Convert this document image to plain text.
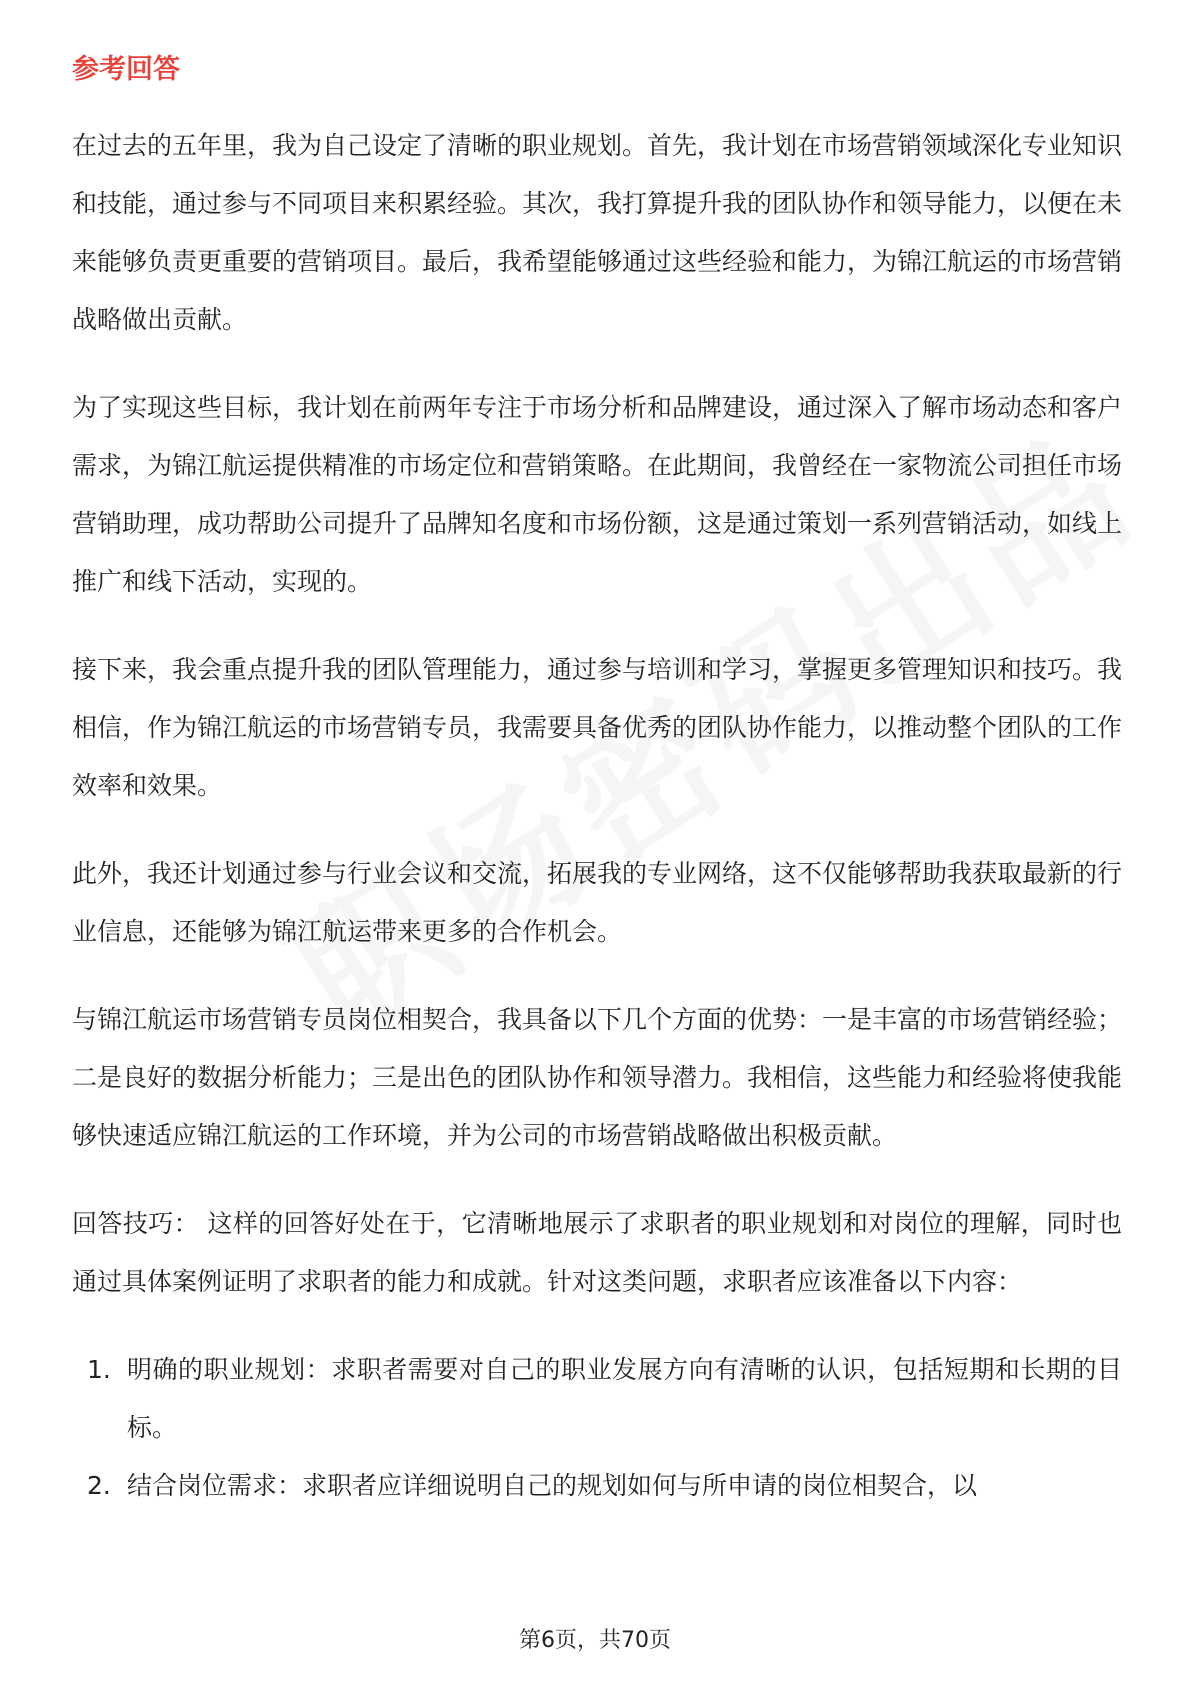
参考回答

在过去的五年里，我为自己设定了清晰的职业规划。首先，我计划在市场营销领域深化专业知识和技能，通过参与不同项目来积累经验。其次，我打算提升我的团队协作和领导能力，以便在未来能够负责更重要的营销项目。最后，我希望能够通过这些经验和能力，为锦江航运的市场营销战略做出贡献。

为了实现这些目标，我计划在前两年专注于市场分析和品牌建设，通过深入了解市场动态和客户需求，为锦江航运提供精准的市场定位和营销策略。在此期间，我曾经在一家物流公司担任市场营销助理，成功帮助公司提升了品牌知名度和市场份额，这是通过策划一系列营销活动，如线上推广和线下活动，实现的。

接下来，我会重点提升我的团队管理能力，通过参与培训和学习，掌握更多管理知识和技巧。我相信，作为锦江航运的市场营销专员，我需要具备优秀的团队协作能力，以推动整个团队的工作效率和效果。

此外，我还计划通过参与行业会议和交流，拓展我的专业网络，这不仅能够帮助我获取最新的行业信息，还能够为锦江航运带来更多的合作机会。

与锦江航运市场营销专员岗位相契合，我具备以下几个方面的优势：一是丰富的市场营销经验；二是良好的数据分析能力；三是出色的团队协作和领导潜力。我相信，这些能力和经验将使我能够快速适应锦江航运的工作环境，并为公司的市场营销战略做出积极贡献。

回答技巧： 这样的回答好处在于，它清晰地展示了求职者的职业规划和对岗位的理解，同时也通过具体案例证明了求职者的能力和成就。针对这类问题，求职者应该准备以下内容：

1. 明确的职业规划：求职者需要对自己的职业发展方向有清晰的认识，包括短期和长期的目标。
2. 结合岗位需求：求职者应详细说明自己的规划如何与所申请的岗位相契合，以
第6页，共70页
